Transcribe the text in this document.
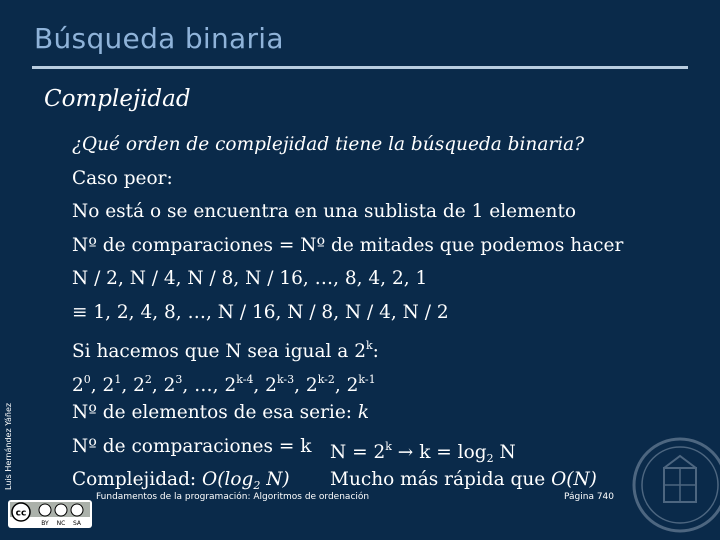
Búsqueda binaria
Complejidad
¿Qué orden de complejidad tiene la búsqueda binaria?
Caso peor:
No está o se encuentra en una sublista de 1 elemento
Nº de comparaciones = Nº de mitades que podemos hacer
N / 2, N / 4, N / 8, N / 16, …, 8, 4, 2, 1
≡ 1, 2, 4, 8, …, N / 16, N / 8, N / 4, N / 2
Si hacemos que N sea igual a 2$^k$:
$2^0$, $2^1$, $2^2$, $2^3$, …, 2$^{k-4}$, 2$^{k-3}$, 2$^{k-2}$, 2$^{k-1}$
Nº de elementos de esa serie: k
Nº de comparaciones = k $N = 2^k \to k = \log_2 N$
Complejidad: $O(\log_2$ N) Mucho más rápida que O(N)
Luis Hernández Yáñez
cc
BY NC SA
Fundamentos de la programación: Algoritmos de ordenación	Página 740
